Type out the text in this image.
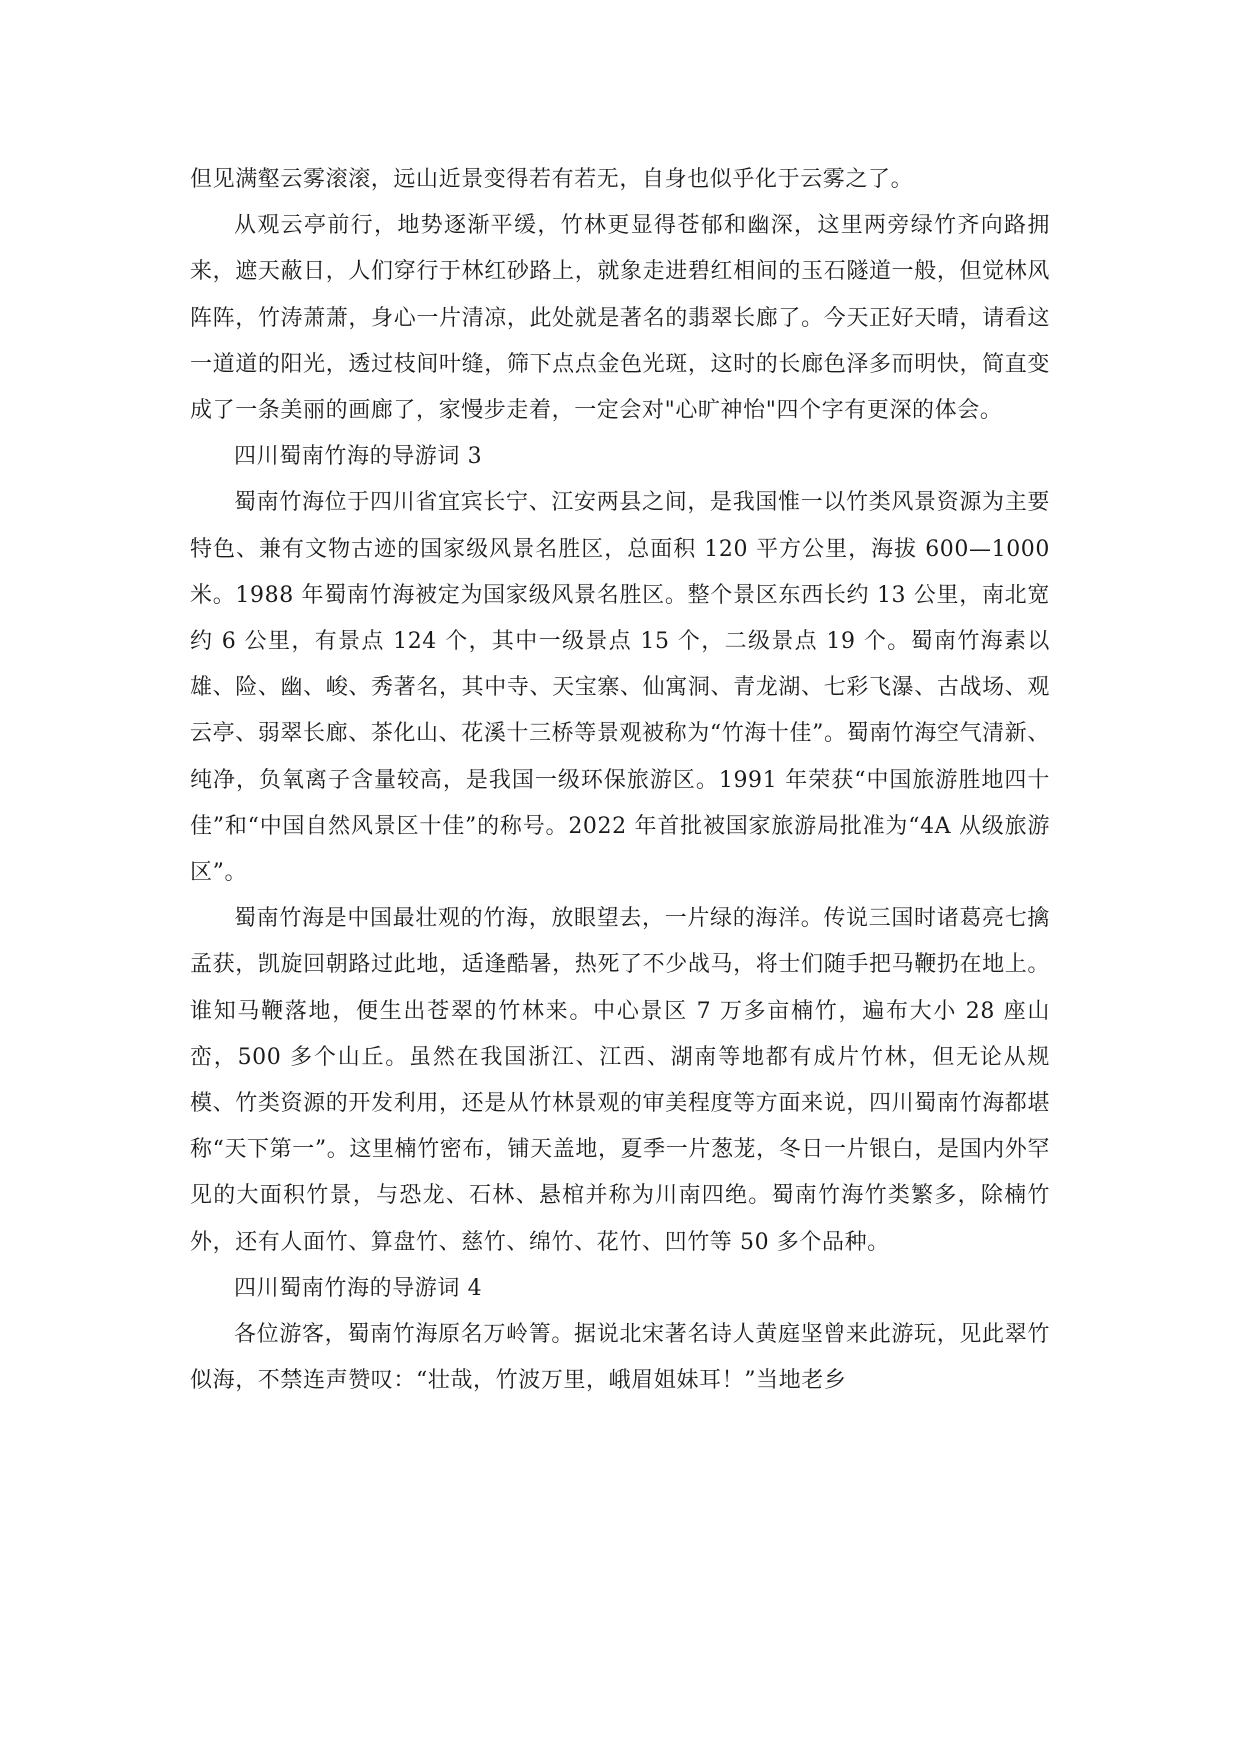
但见满壑云雾滚滚，远山近景变得若有若无，自身也似乎化于云雾之了。

从观云亭前行，地势逐渐平缓，竹林更显得苍郁和幽深，这里两旁绿竹齐向路拥来，遮天蔽日，人们穿行于林红砂路上，就象走进碧红相间的玉石隧道一般，但觉林风阵阵，竹涛萧萧，身心一片清凉，此处就是著名的翡翠长廊了。今天正好天晴，请看这一道道的阳光，透过枝间叶缝，筛下点点金色光斑，这时的长廊色泽多而明快，简直变成了一条美丽的画廊了，家慢步走着，一定会对"心旷神怡"四个字有更深的体会。

四川蜀南竹海的导游词 3

蜀南竹海位于四川省宜宾长宁、江安两县之间，是我国惟一以竹类风景资源为主要特色、兼有文物古迹的国家级风景名胜区，总面积 120 平方公里，海拔 600—1000 米。1988 年蜀南竹海被定为国家级风景名胜区。整个景区东西长约 13 公里，南北宽约 6 公里，有景点 124 个，其中一级景点 15 个，二级景点 19 个。蜀南竹海素以雄、险、幽、峻、秀著名，其中寺、天宝寨、仙寓洞、青龙湖、七彩飞瀑、古战场、观云亭、弱翠长廊、茶化山、花溪十三桥等景观被称为“竹海十佳”。蜀南竹海空气清新、纯净，负氧离子含量较高，是我国一级环保旅游区。1991 年荣获“中国旅游胜地四十佳”和“中国自然风景区十佳”的称号。2022 年首批被国家旅游局批准为“4A 从级旅游区”。

蜀南竹海是中国最壮观的竹海，放眼望去，一片绿的海洋。传说三国时诸葛亮七擒孟获，凯旋回朝路过此地，适逢酷暑，热死了不少战马，将士们随手把马鞭扔在地上。谁知马鞭落地，便生出苍翠的竹林来。中心景区 7 万多亩楠竹，遍布大小 28 座山峦，500 多个山丘。虽然在我国浙江、江西、湖南等地都有成片竹林，但无论从规模、竹类资源的开发利用，还是从竹林景观的审美程度等方面来说，四川蜀南竹海都堪称“天下第一”。这里楠竹密布，铺天盖地，夏季一片葱茏，冬日一片银白，是国内外罕见的大面积竹景，与恐龙、石林、悬棺并称为川南四绝。蜀南竹海竹类繁多，除楠竹外，还有人面竹、算盘竹、慈竹、绵竹、花竹、凹竹等 50 多个品种。

四川蜀南竹海的导游词 4

各位游客，蜀南竹海原名万岭箐。据说北宋著名诗人黄庭坚曾来此游玩，见此翠竹似海，不禁连声赞叹：“壮哉，竹波万里，峨眉姐妹耳！”当地老乡
